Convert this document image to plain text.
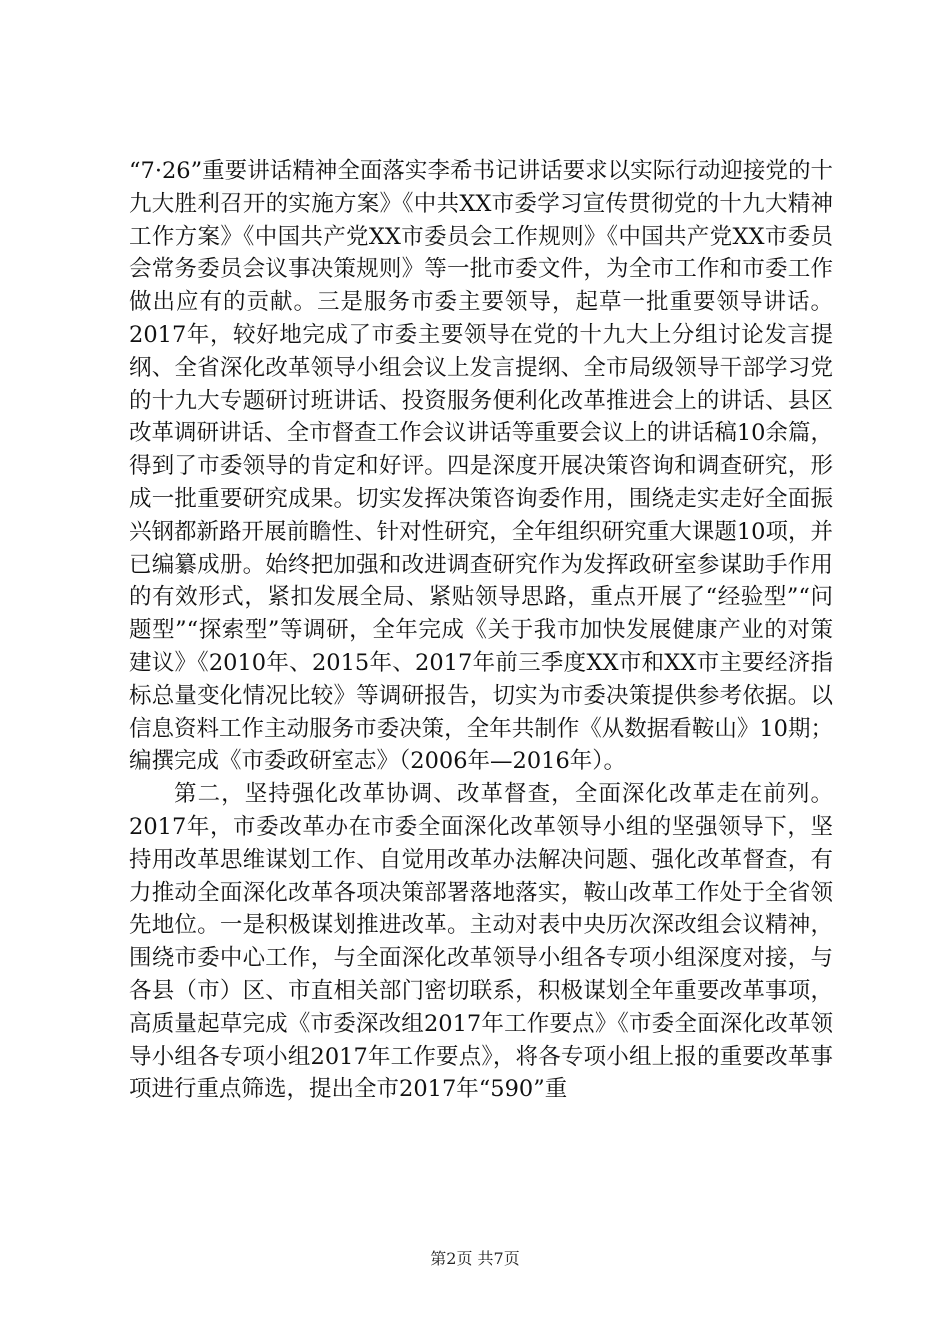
“7·26”重要讲话精神全面落实李希书记讲话要求以实际行动迎接党的十九大胜利召开的实施方案》《中共XX市委学习宣传贯彻党的十九大精神工作方案》《中国共产党XX市委员会工作规则》《中国共产党XX市委员会常务委员会议事决策规则》等一批市委文件，为全市工作和市委工作做出应有的贡献。三是服务市委主要领导，起草一批重要领导讲话。2017年，较好地完成了市委主要领导在党的十九大上分组讨论发言提纲、全省深化改革领导小组会议上发言提纲、全市局级领导干部学习党的十九大专题研讨班讲话、投资服务便利化改革推进会上的讲话、县区改革调研讲话、全市督查工作会议讲话等重要会议上的讲话稿10余篇，得到了市委领导的肯定和好评。四是深度开展决策咨询和调查研究，形成一批重要研究成果。切实发挥决策咨询委作用，围绕走实走好全面振兴钢都新路开展前瞻性、针对性研究，全年组织研究重大课题10项，并已编纂成册。始终把加强和改进调查研究作为发挥政研室参谋助手作用的有效形式，紧扣发展全局、紧贴领导思路，重点开展了“经验型”“问题型”“探索型”等调研，全年完成《关于我市加快发展健康产业的对策建议》《2010年、2015年、2017年前三季度XX市和XX市主要经济指标总量变化情况比较》等调研报告，切实为市委决策提供参考依据。以信息资料工作主动服务市委决策，全年共制作《从数据看鞍山》10期；编撰完成《市委政研室志》（2006年—2016年）。

第二，坚持强化改革协调、改革督查，全面深化改革走在前列。2017年，市委改革办在市委全面深化改革领导小组的坚强领导下，坚持用改革思维谋划工作、自觉用改革办法解决问题、强化改革督查，有力推动全面深化改革各项决策部署落地落实，鞍山改革工作处于全省领先地位。一是积极谋划推进改革。主动对表中央历次深改组会议精神，围绕市委中心工作，与全面深化改革领导小组各专项小组深度对接，与各县（市）区、市直相关部门密切联系，积极谋划全年重要改革事项，高质量起草完成《市委深改组2017年工作要点》《市委全面深化改革领导小组各专项小组2017年工作要点》，将各专项小组上报的重要改革事项进行重点筛选，提出全市2017年“590”重

第2页 共7页
